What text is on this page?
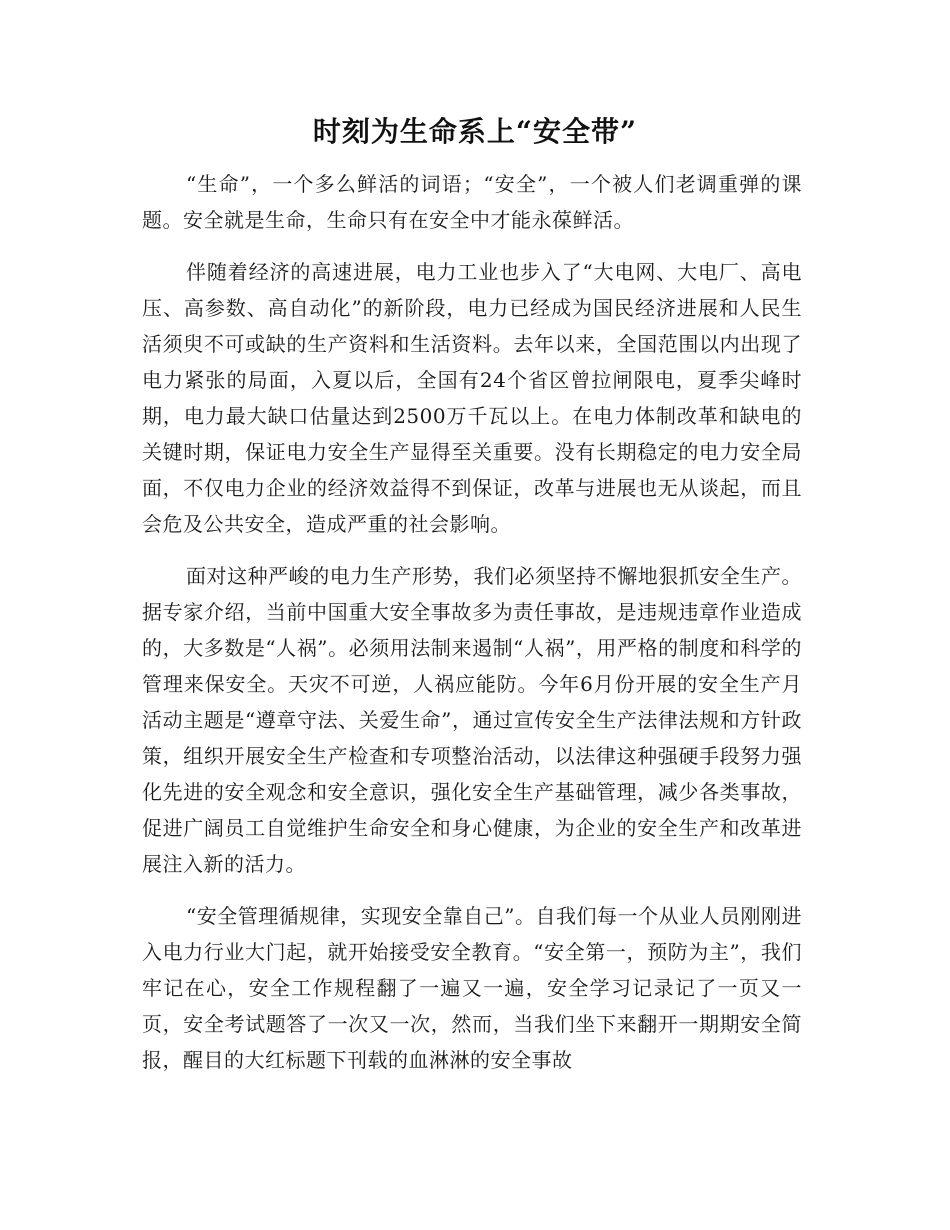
时刻为生命系上“安全带”

“生命”，一个多么鲜活的词语；“安全”，一个被人们老调重弹的课题。安全就是生命，生命只有在安全中才能永葆鲜活。

伴随着经济的高速进展，电力工业也步入了“大电网、大电厂、高电压、高参数、高自动化”的新阶段，电力已经成为国民经济进展和人民生活须臾不可或缺的生产资料和生活资料。去年以来，全国范围以内出现了电力紧张的局面，入夏以后，全国有24个省区曾拉闸限电，夏季尖峰时期，电力最大缺口估量达到2500万千瓦以上。在电力体制改革和缺电的关键时期，保证电力安全生产显得至关重要。没有长期稳定的电力安全局面，不仅电力企业的经济效益得不到保证，改革与进展也无从谈起，而且会危及公共安全，造成严重的社会影响。

面对这种严峻的电力生产形势，我们必须坚持不懈地狠抓安全生产。据专家介绍，当前中国重大安全事故多为责任事故，是违规违章作业造成的，大多数是“人祸”。必须用法制来遏制“人祸”，用严格的制度和科学的管理来保安全。天灾不可逆，人祸应能防。今年6月份开展的安全生产月活动主题是“遵章守法、关爱生命”，通过宣传安全生产法律法规和方针政策，组织开展安全生产检查和专项整治活动，以法律这种强硬手段努力强化先进的安全观念和安全意识，强化安全生产基础管理，减少各类事故，促进广阔员工自觉维护生命安全和身心健康，为企业的安全生产和改革进展注入新的活力。

“安全管理循规律，实现安全靠自己”。自我们每一个从业人员刚刚进入电力行业大门起，就开始接受安全教育。“安全第一，预防为主”，我们牢记在心，安全工作规程翻了一遍又一遍，安全学习记录记了一页又一页，安全考试题答了一次又一次，然而，当我们坐下来翻开一期期安全简报，醒目的大红标题下刊载的血淋淋的安全事故
